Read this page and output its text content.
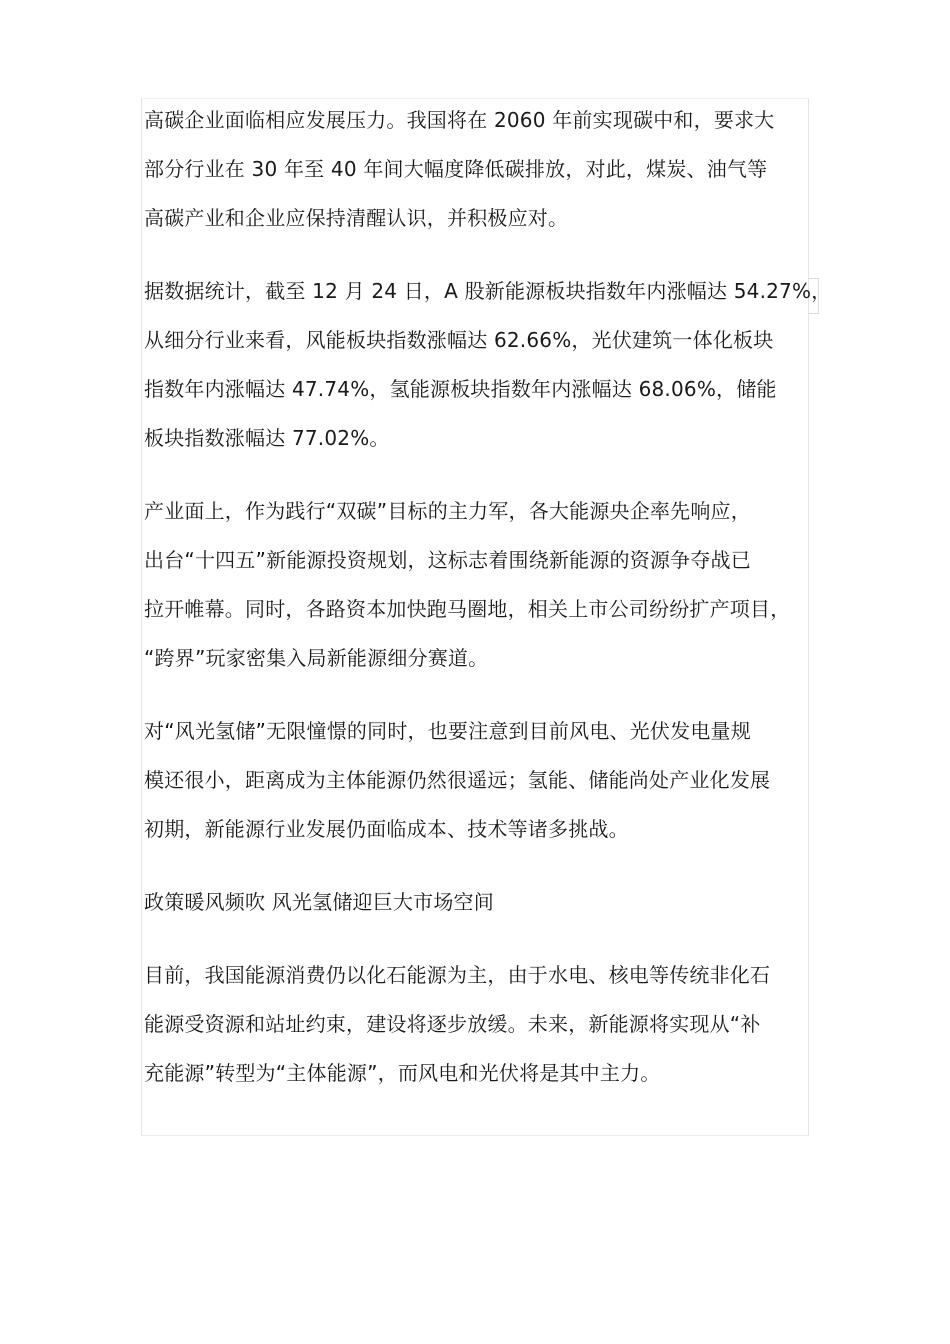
高碳企业面临相应发展压力。我国将在 2060 年前实现碳中和，要求大
部分行业在 30 年至 40 年间大幅度降低碳排放，对此，煤炭、油气等
高碳产业和企业应保持清醒认识，并积极应对。
据数据统计，截至 12 月 24 日，A 股新能源板块指数年内涨幅达 54.27%，
从细分行业来看，风能板块指数涨幅达 62.66%，光伏建筑一体化板块
指数年内涨幅达 47.74%，氢能源板块指数年内涨幅达 68.06%，储能
板块指数涨幅达 77.02%。
产业面上，作为践行“双碳”目标的主力军，各大能源央企率先响应，
出台“十四五”新能源投资规划，这标志着围绕新能源的资源争夺战已
拉开帷幕。同时，各路资本加快跑马圈地，相关上市公司纷纷扩产项目，
“跨界”玩家密集入局新能源细分赛道。
对“风光氢储”无限憧憬的同时，也要注意到目前风电、光伏发电量规
模还很小，距离成为主体能源仍然很遥远；氢能、储能尚处产业化发展
初期，新能源行业发展仍面临成本、技术等诸多挑战。
政策暖风频吹 风光氢储迎巨大市场空间
目前，我国能源消费仍以化石能源为主，由于水电、核电等传统非化石
能源受资源和站址约束，建设将逐步放缓。未来，新能源将实现从“补
充能源”转型为“主体能源”，而风电和光伏将是其中主力。
